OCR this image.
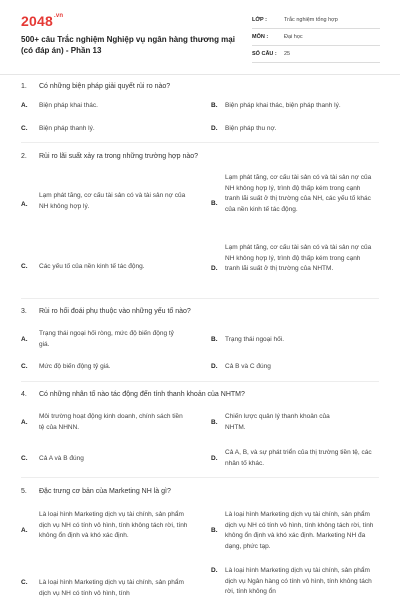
$2048^{.vn}$
500+ câu Trắc nghiệm Nghiệp vụ ngân hàng thương mại (có đáp án) - Phần 13
LỚP :	Trắc nghiệm tổng hợp
MÔN :	Đại học
SỐ CÂU :	25
1. Có những biện pháp giải quyết rủi ro nào?
A. Biện pháp khai thác.	B. Biện pháp khai thác, biện pháp thanh lý.
C. Biện pháp thanh lý.	D. Biện pháp thu nợ.
2. Rủi ro lãi suất xảy ra trong những trường hợp nào?
A.
Lạm phát tăng, cơ cấu tài sản có và tài sản nợ của NH không hợp lý.	B.
Lạm phát tăng, cơ cấu tài sản có và tài sản nợ của NH không hợp lý, trình độ thấp kém trong cạnh tranh lãi suất ở thị trường của NH, các yếu tố khác của nền kinh tế tác động.
C. Các yếu tố của nền kinh tế tác động.	D.
Lạm phát tăng, cơ cấu tài sản có và tài sản nợ của NH không hợp lý, trình độ thấp kém trong cạnh tranh lãi suất ở thị trường của NHTM.
3. Rủi ro hối đoái phụ thuộc vào những yếu tố nào?
A.
Trạng thái ngoại hối ròng, mức độ biến động tỷ giá.
B. Trạng thái ngoại hối.
C. Mức độ biến động tỷ giá.	D. Cả B và C đúng
4. Có những nhân tố nào tác động đến tính thanh khoản của NHTM?
A.
Môi trường hoạt động kinh doanh, chính sách tiền tệ của NHNN.
B.
Chiến lược quản lý thanh khoản của NHTM.
C. Cả A và B đúng	D.
Cả A, B, và sự phát triển của thị trường tiền tệ, các nhân tố khác.
5. Đặc trưng cơ bản của Marketing NH là gì?
A.
Là loại hình Marketing dịch vụ tài chính, sản phẩm dịch vụ NH có tính vô hình, tính không tách rời, tính không ổn định và khó xác định.
B.
Là loại hình Marketing dịch vụ tài chính, sản phẩm dịch vụ NH có tính vô hình, tính không tách rời, tính không ổn định và khó xác định. Marketing NH đa dạng, phức tạp.
C. Là loại hình Marketing dịch vụ tài chính, sản phẩm dịch vụ NH có tính vô hình, tính
D. Là loại hình Marketing dịch vụ tài chính, sản phẩm dịch vụ Ngân hàng có tính vô hình, tính không tách rời, tính không ổn
